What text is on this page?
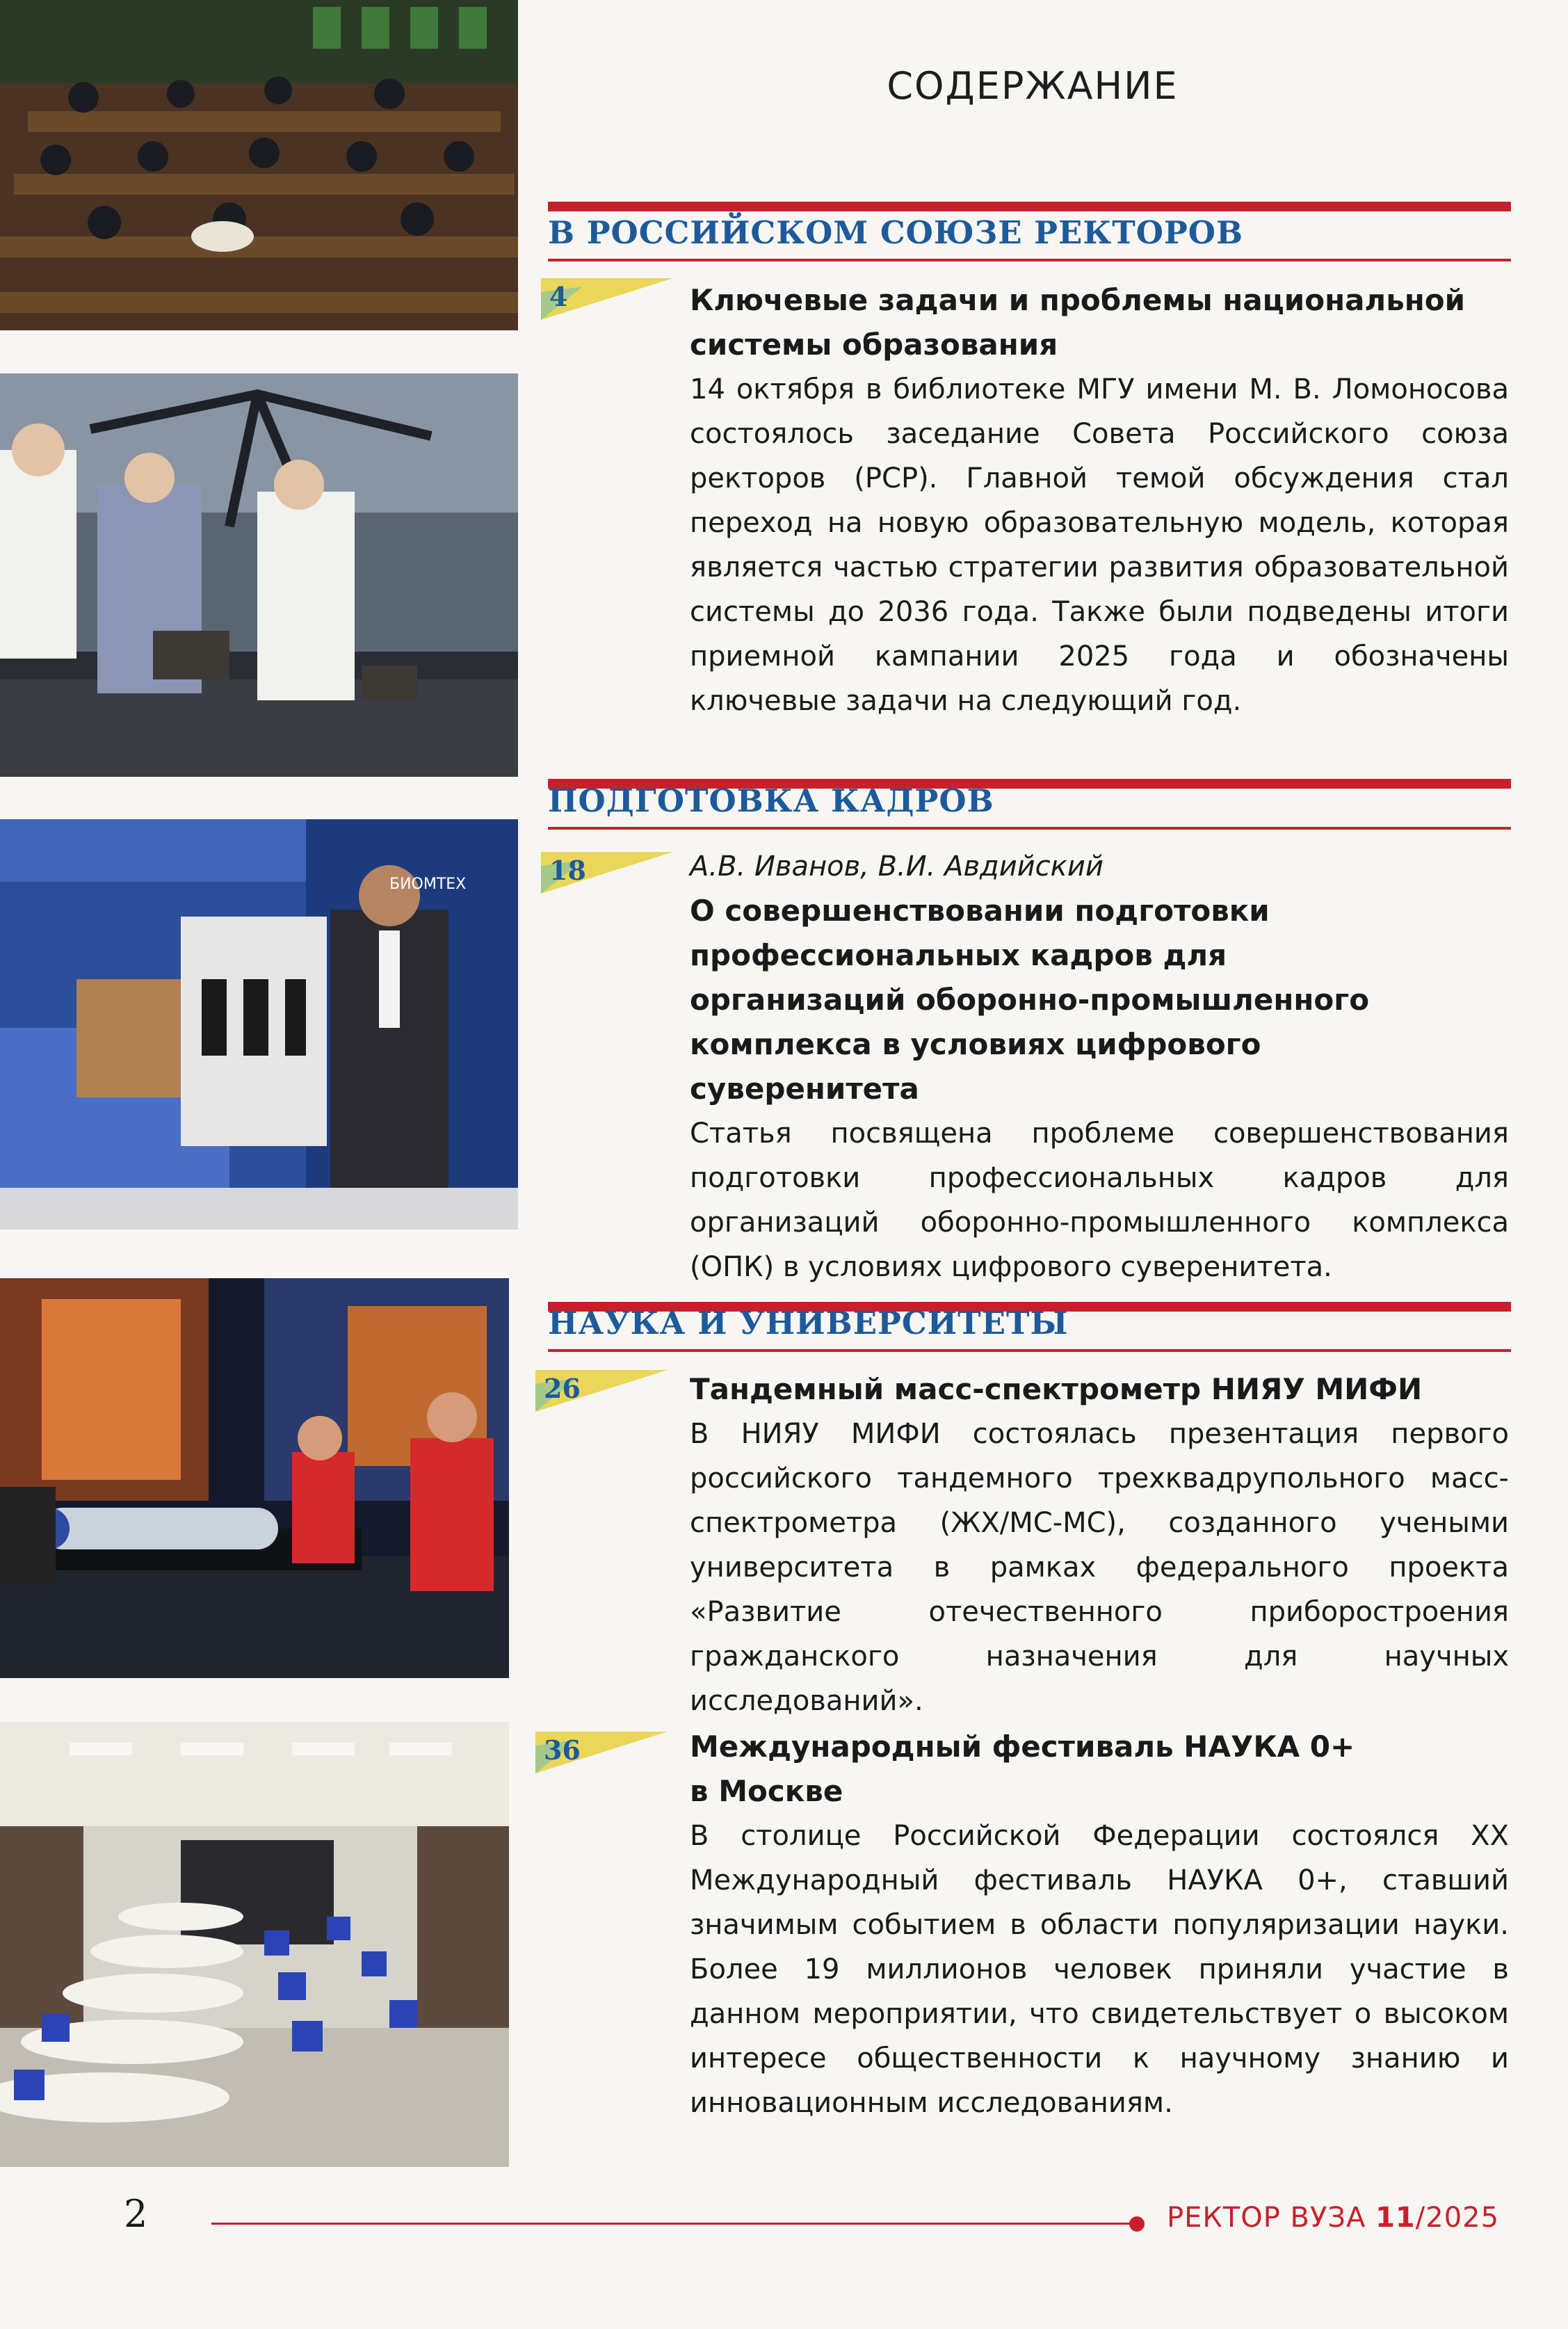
БИОМТЕХ
СОДЕРЖАНИЕ
В РОССИЙСКОМ СОЮЗЕ РЕКТОРОВ
4	Ключевые задачи и проблемы национальной системы образования
14 октября в библиотеке МГУ имени М. В. Ломоносова состоялось заседание Совета Российского союза ректоров (РСР). Главной темой обсуждения стал переход на новую образовательную модель, которая является частью стратегии развития образовательной системы до 2036 года. Также были подведены итоги приемной кампании 2025 года и обозначены ключевые задачи на следующий год.
ПОДГОТОВКА КАДРОВ
18	А.В. Иванов, В.И. Авдийский
О совершенствовании подготовки профессиональных кадров для организаций оборонно-промышленного комплекса в условиях цифрового суверенитета
Статья посвящена проблеме совершенствования подготовки профессиональных кадров для организаций оборонно-промышленного комплекса (ОПК) в условиях цифрового суверенитета.
НАУКА И УНИВЕРСИТЕТЫ
26	Тандемный масс-спектрометр НИЯУ МИФИ
В НИЯУ МИФИ состоялась презентация первого российского тандемного трехквадрупольного масс-спектрометра (ЖХ/МС-МС), созданного учеными университета в рамках федерального проекта «Развитие отечественного приборостроения гражданского назначения для научных исследований».
36	Международный фестиваль НАУКА 0+ в Москве
В столице Российской Федерации состоялся XX Международный фестиваль НАУКА 0+, ставший значимым событием в области популяризации науки. Более 19 миллионов человек приняли участие в данном мероприятии, что свидетельствует о высоком интересе общественности к научному знанию и инновационным исследованиям.
2	РЕКТОР ВУЗА 11/2025
